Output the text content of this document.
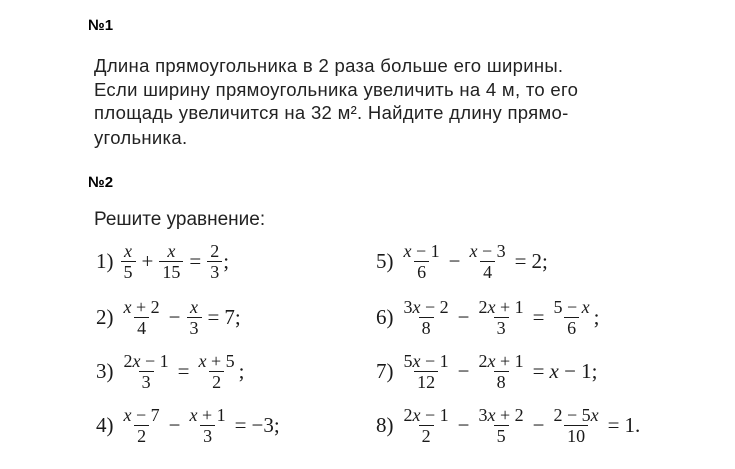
№1
Длина прямоугольника в 2 раза больше его ширины.
Если ширину прямоугольника увеличить на 4 м, то его
площадь увеличится на 32 м². Найдите длину прямо-
угольника.
№2
Решите уравнение:
$1) \frac{x}{5} + \frac{x}{15} = \frac{2}{3}$ ;
$2) \frac{x + 2}{4} - \frac{x}{3} = 7$;
$3) \frac{2x - 1}{3} = \frac{x + 5}{2}$ ;
$4) \frac{x - 7}{2} - \frac{x + 1}{3} = -3$;
$5) \frac{x - 1}{6} - \frac{x - 3}{4} = 2$;
$6) \frac{3x - 2}{8} - \frac{2x + 1}{3} = \frac{5 - x}{6}$ ;
$7) \frac{5x - 1}{12} - \frac{2x + 1}{8} = x - 1$;
$8) \frac{2x - 1}{2} - \frac{3x + 2}{5} - \frac{2 - 5x}{10} = 1$.
